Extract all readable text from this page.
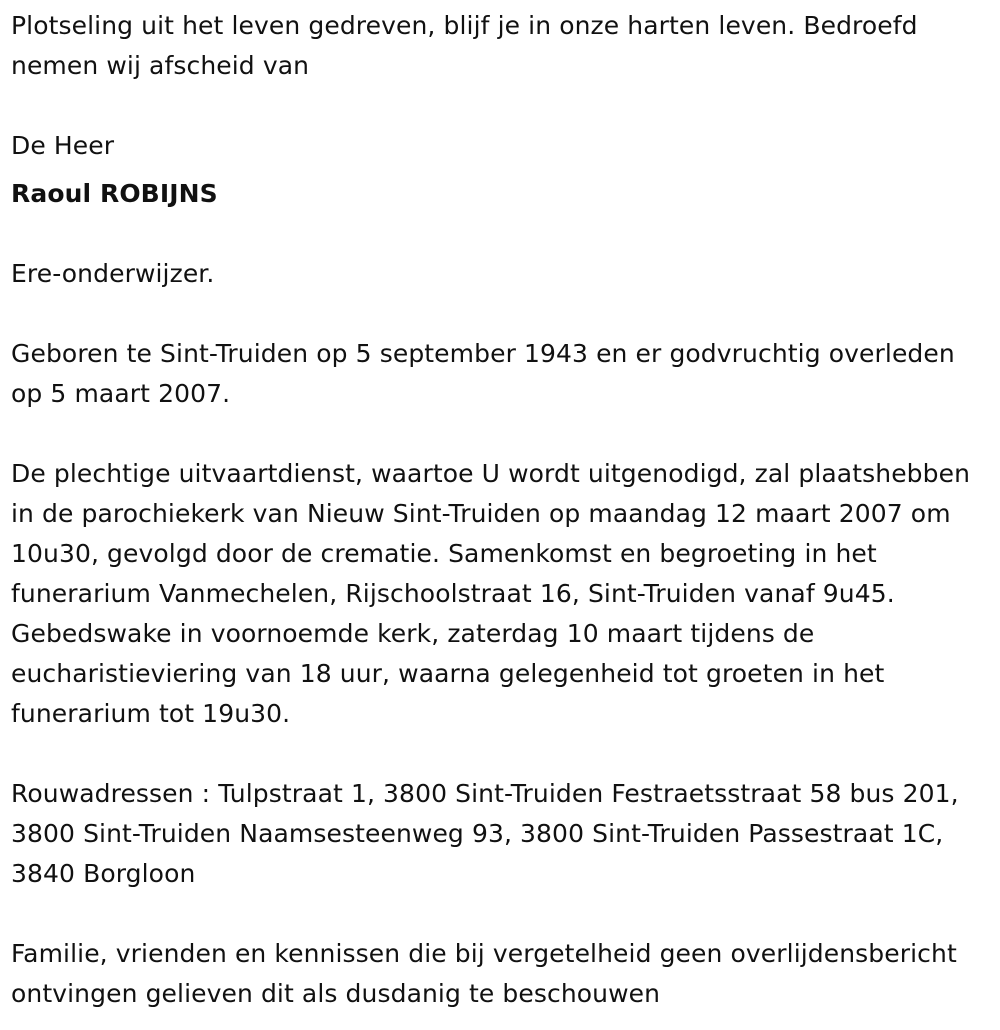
Plotseling uit het leven gedreven, blijf je in onze harten leven. Bedroefd nemen wij afscheid van

De Heer

Raoul ROBIJNS

Ere-onderwijzer.

Geboren te Sint-Truiden op 5 september 1943 en er godvruchtig overleden op 5 maart 2007.

De plechtige uitvaartdienst, waartoe U wordt uitgenodigd, zal plaatshebben in de parochiekerk van Nieuw Sint-Truiden op maandag 12 maart 2007 om 10u30, gevolgd door de crematie. Samenkomst en begroeting in het funerarium Vanmechelen, Rijschoolstraat 16, Sint-Truiden vanaf 9u45. Gebedswake in voornoemde kerk, zaterdag 10 maart tijdens de eucharistieviering van 18 uur, waarna gelegenheid tot groeten in het funerarium tot 19u30.

Rouwadressen : Tulpstraat 1, 3800 Sint-Truiden Festraetsstraat 58 bus 201, 3800 Sint-Truiden Naamsesteenweg 93, 3800 Sint-Truiden Passestraat 1C, 3840 Borgloon

Familie, vrienden en kennissen die bij vergetelheid geen overlijdensbericht ontvingen gelieven dit als dusdanig te beschouwen
